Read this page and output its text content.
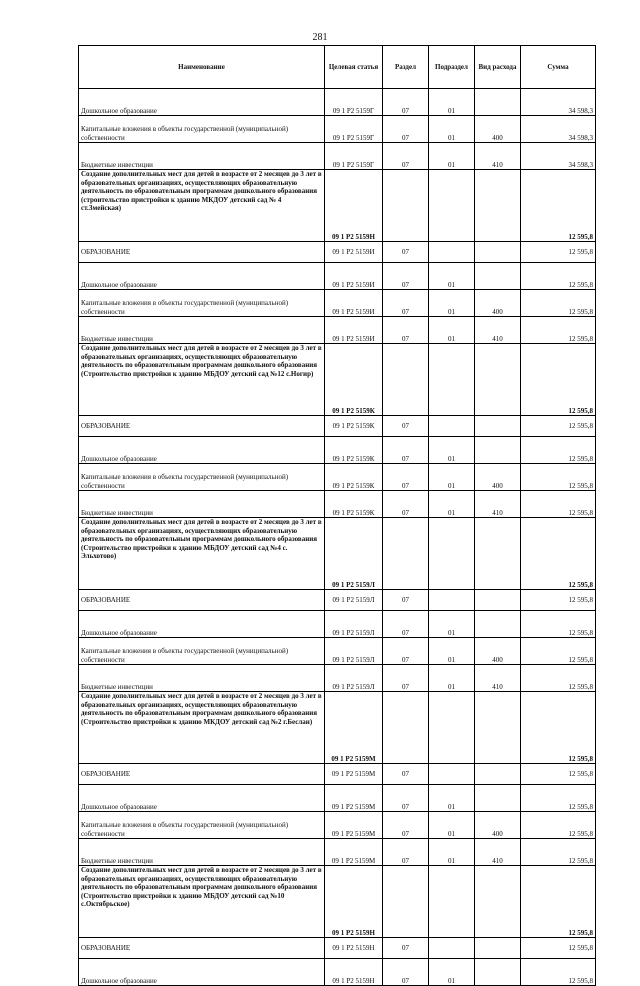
281
Наименование	Целевая статья	Раздел	Подраздел	Вид расхода	Сумма
Дошкольное образование	09 1 Р2 5159Г	07	01		34 598,3
Капитальные вложения в объекты государственной (муниципальной) собственности	09 1 Р2 5159Г	07	01	400	34 598,3
Бюджетные инвестиции	09 1 Р2 5159Г	07	01	410	34 598,3
Создание дополнительных мест для детей в возрасте от 2 месяцев до 3 лет в образовательных организациях, осуществляющих образовательную деятельность по образовательным программам дошкольного образования (строительство пристройки к зданию МКДОУ детский сад № 4 ст.Змейская)	09 1 Р2 5159Н				12 595,8
ОБРАЗОВАНИЕ	09 1 Р2 5159И	07			12 595,8
Дошкольное образование	09 1 Р2 5159И	07	01		12 595,8
Капитальные вложения в объекты государственной (муниципальной) собственности	09 1 Р2 5159И	07	01	400	12 595,8
Бюджетные инвестиции	09 1 Р2 5159И	07	01	410	12 595,8
Создание дополнительных мест для детей в возрасте от 2 месяцев до 3 лет в образовательных организациях, осуществляющих образовательную деятельность по образовательным программам дошкольного образования (Строительство пристройки к зданию МБДОУ детский сад №12 с.Ногир)	09 1 Р2 5159К				12 595,8
ОБРАЗОВАНИЕ	09 1 Р2 5159К	07			12 595,8
Дошкольное образование	09 1 Р2 5159К	07	01		12 595,8
Капитальные вложения в объекты государственной (муниципальной) собственности	09 1 Р2 5159К	07	01	400	12 595,8
Бюджетные инвестиции	09 1 Р2 5159К	07	01	410	12 595,8
Создание дополнительных мест для детей в возрасте от 2 месяцев до 3 лет в образовательных организациях, осуществляющих образовательную деятельность по образовательным программам дошкольного образования (Строительство пристройки к зданию МБДОУ детский сад №4 с. Эльхотово)	09 1 Р2 5159Л				12 595,8
ОБРАЗОВАНИЕ	09 1 Р2 5159Л	07			12 595,8
Дошкольное образование	09 1 Р2 5159Л	07	01		12 595,8
Капитальные вложения в объекты государственной (муниципальной) собственности	09 1 Р2 5159Л	07	01	400	12 595,8
Бюджетные инвестиции	09 1 Р2 5159Л	07	01	410	12 595,8
Создание дополнительных мест для детей в возрасте от 2 месяцев до 3 лет в образовательных организациях, осуществляющих образовательную деятельность по образовательным программам дошкольного образования (Строительство пристройки к зданию МКДОУ детский сад №2 г.Беслан)	09 1 Р2 5159М				12 595,8
ОБРАЗОВАНИЕ	09 1 Р2 5159М	07			12 595,8
Дошкольное образование	09 1 Р2 5159М	07	01		12 595,8
Капитальные вложения в объекты государственной (муниципальной) собственности	09 1 Р2 5159М	07	01	400	12 595,8
Бюджетные инвестиции	09 1 Р2 5159М	07	01	410	12 595,8
Создание дополнительных мест для детей в возрасте от 2 месяцев до 3 лет в образовательных организациях, осуществляющих образовательную деятельность по образовательным программам дошкольного образования (Строительство пристройки к зданию МБДОУ детский сад №10 с.Октябрьское)	09 1 Р2 5159Н				12 595,8
ОБРАЗОВАНИЕ	09 1 Р2 5159Н	07			12 595,8
Дошкольное образование	09 1 Р2 5159Н	07	01		12 595,8
